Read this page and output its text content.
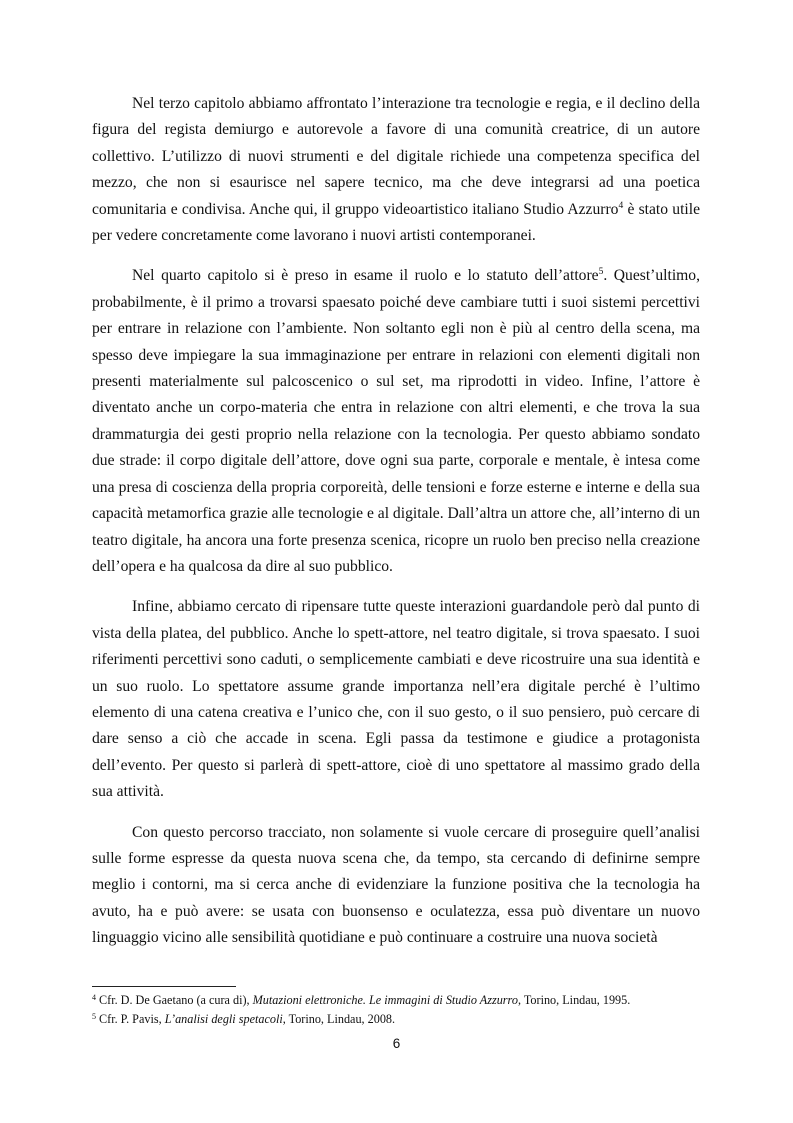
Nel terzo capitolo abbiamo affrontato l’interazione tra tecnologie e regia, e il declino della figura del regista demiurgo e autorevole a favore di una comunità creatrice, di un autore collettivo. L’utilizzo di nuovi strumenti e del digitale richiede una competenza specifica del mezzo, che non si esaurisce nel sapere tecnico, ma che deve integrarsi ad una poetica comunitaria e condivisa. Anche qui, il gruppo videoartistico italiano Studio Azzurro$^4$ è stato utile per vedere concretamente come lavorano i nuovi artisti contemporanei.

Nel quarto capitolo si è preso in esame il ruolo e lo statuto dell’attore$^5$. Quest’ultimo, probabilmente, è il primo a trovarsi spaesato poiché deve cambiare tutti i suoi sistemi percettivi per entrare in relazione con l’ambiente. Non soltanto egli non è più al centro della scena, ma spesso deve impiegare la sua immaginazione per entrare in relazioni con elementi digitali non presenti materialmente sul palcoscenico o sul set, ma riprodotti in video. Infine, l’attore è diventato anche un corpo-materia che entra in relazione con altri elementi, e che trova la sua drammaturgia dei gesti proprio nella relazione con la tecnologia. Per questo abbiamo sondato due strade: il corpo digitale dell’attore, dove ogni sua parte, corporale e mentale, è intesa come una presa di coscienza della propria corporeità, delle tensioni e forze esterne e interne e della sua capacità metamorfica grazie alle tecnologie e al digitale. Dall’altra un attore che, all’interno di un teatro digitale, ha ancora una forte presenza scenica, ricopre un ruolo ben preciso nella creazione dell’opera e ha qualcosa da dire al suo pubblico.

Infine, abbiamo cercato di ripensare tutte queste interazioni guardandole però dal punto di vista della platea, del pubblico. Anche lo spett-attore, nel teatro digitale, si trova spaesato. I suoi riferimenti percettivi sono caduti, o semplicemente cambiati e deve ricostruire una sua identità e un suo ruolo. Lo spettatore assume grande importanza nell’era digitale perché è l’ultimo elemento di una catena creativa e l’unico che, con il suo gesto, o il suo pensiero, può cercare di dare senso a ciò che accade in scena. Egli passa da testimone e giudice a protagonista dell’evento. Per questo si parlerà di spett-attore, cioè di uno spettatore al massimo grado della sua attività.

Con questo percorso tracciato, non solamente si vuole cercare di proseguire quell’analisi sulle forme espresse da questa nuova scena che, da tempo, sta cercando di definirne sempre meglio i contorni, ma si cerca anche di evidenziare la funzione positiva che la tecnologia ha avuto, ha e può avere: se usata con buonsenso e oculatezza, essa può diventare un nuovo linguaggio vicino alle sensibilità quotidiane e può continuare a costruire una nuova società

$^4$ Cfr. D. De Gaetano (a cura di), Mutazioni elettroniche. Le immagini di Studio Azzurro, Torino, Lindau, 1995.
$^5$ Cfr. P. Pavis, L’analisi degli spetacoli, Torino, Lindau, 2008.
6
